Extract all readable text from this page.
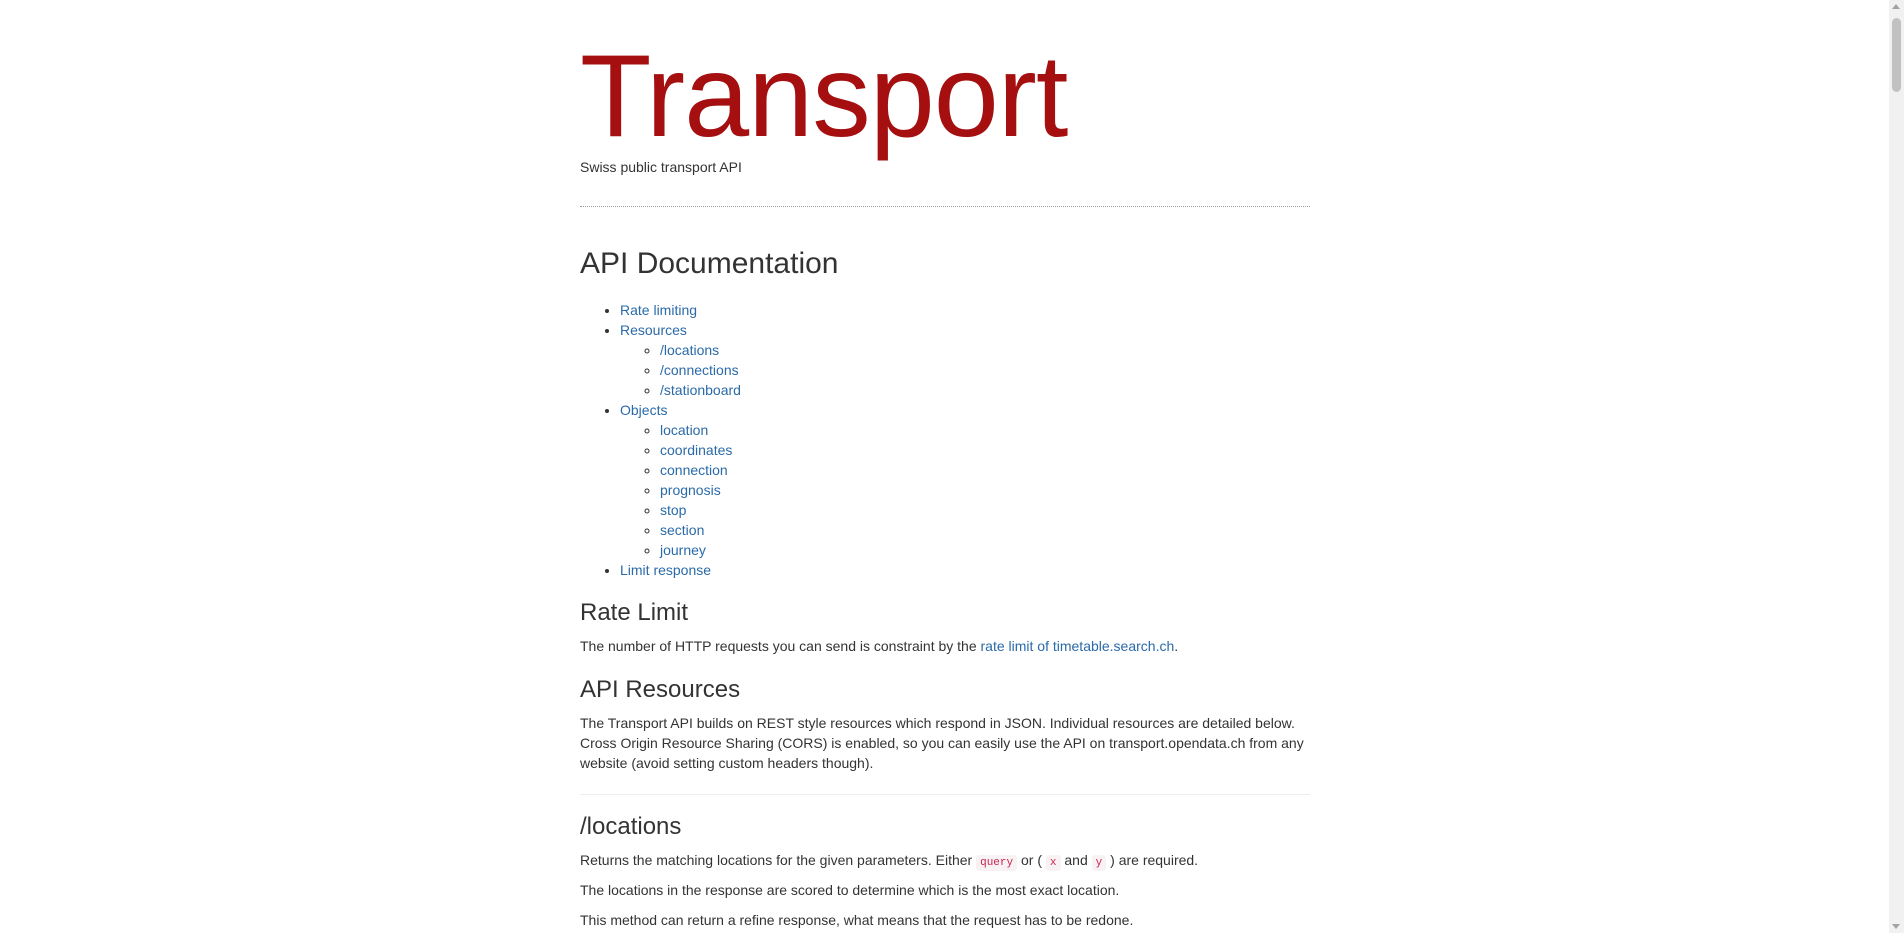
Transport

Swiss public transport API

API Documentation
• Rate limiting
• Resources
◦ /locations
◦ /connections
◦ /stationboard
• Objects
◦ location
◦ coordinates
◦ connection
◦ prognosis
◦ stop
◦ section
◦ journey
• Limit response
Rate Limit

The number of HTTP requests you can send is constraint by the rate limit of timetable.search.ch.

API Resources

The Transport API builds on REST style resources which respond in JSON. Individual resources are detailed below. Cross Origin Resource Sharing (CORS) is enabled, so you can easily use the API on transport.opendata.ch from any website (avoid setting custom headers though).

/locations

Returns the matching locations for the given parameters. Either query or ( x and y ) are required.

The locations in the response are scored to determine which is the most exact location.

This method can return a refine response, what means that the request has to be redone.
